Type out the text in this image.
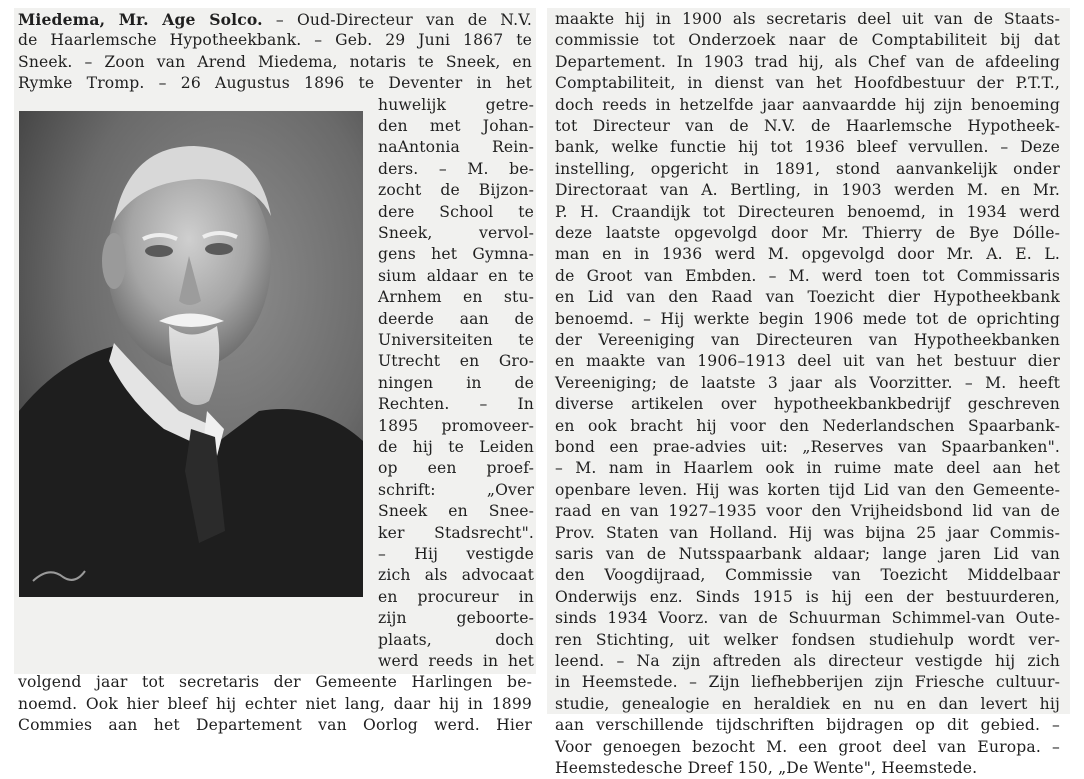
Miedema, Mr. Age Solco. – Oud-Directeur van de N.V.
de Haarlemsche Hypotheekbank. – Geb. 29 Juni 1867 te
Sneek. – Zoon van Arend Miedema, notaris te Sneek, en
Rymke Tromp. – 26 Augustus 1896 te Deventer in het
huwelijk getre-
den met Johan-
naAntonia Rein-
ders. – M. be-
zocht de Bijzon-
dere School te
Sneek, vervol-
gens het Gymna-
sium aldaar en te
Arnhem en stu-
deerde aan de
Universiteiten te
Utrecht en Gro-
ningen in de
Rechten. – In
1895 promoveer-
de hij te Leiden
op een proef-
schrift: „Over
Sneek en Snee-
ker Stadsrecht".
– Hij vestigde
zich als advocaat
en procureur in
zijn geboorte-
plaats, doch
werd reeds in het
volgend jaar tot secretaris der Gemeente Harlingen be-
noemd. Ook hier bleef hij echter niet lang, daar hij in 1899
Commies aan het Departement van Oorlog werd. Hier
maakte hij in 1900 als secretaris deel uit van de Staats-
commissie tot Onderzoek naar de Comptabiliteit bij dat
Departement. In 1903 trad hij, als Chef van de afdeeling
Comptabiliteit, in dienst van het Hoofdbestuur der P.T.T.,
doch reeds in hetzelfde jaar aanvaardde hij zijn benoeming
tot Directeur van de N.V. de Haarlemsche Hypotheek-
bank, welke functie hij tot 1936 bleef vervullen. – Deze
instelling, opgericht in 1891, stond aanvankelijk onder
Directoraat van A. Bertling, in 1903 werden M. en Mr.
P. H. Craandijk tot Directeuren benoemd, in 1934 werd
deze laatste opgevolgd door Mr. Thierry de Bye Dólle-
man en in 1936 werd M. opgevolgd door Mr. A. E. L.
de Groot van Embden. – M. werd toen tot Commissaris
en Lid van den Raad van Toezicht dier Hypotheekbank
benoemd. – Hij werkte begin 1906 mede tot de oprichting
der Vereeniging van Directeuren van Hypotheekbanken
en maakte van 1906–1913 deel uit van het bestuur dier
Vereeniging; de laatste 3 jaar als Voorzitter. – M. heeft
diverse artikelen over hypotheekbankbedrijf geschreven
en ook bracht hij voor den Nederlandschen Spaarbank-
bond een prae-advies uit: „Reserves van Spaarbanken".
– M. nam in Haarlem ook in ruime mate deel aan het
openbare leven. Hij was korten tijd Lid van den Gemeente-
raad en van 1927–1935 voor den Vrijheidsbond lid van de
Prov. Staten van Holland. Hij was bijna 25 jaar Commis-
saris van de Nutsspaarbank aldaar; lange jaren Lid van
den Voogdijraad, Commissie van Toezicht Middelbaar
Onderwijs enz. Sinds 1915 is hij een der bestuurderen,
sinds 1934 Voorz. van de Schuurman Schimmel-van Oute-
ren Stichting, uit welker fondsen studiehulp wordt ver-
leend. – Na zijn aftreden als directeur vestigde hij zich
in Heemstede. – Zijn liefhebberijen zijn Friesche cultuur-
studie, genealogie en heraldiek en nu en dan levert hij
aan verschillende tijdschriften bijdragen op dit gebied. –
Voor genoegen bezocht M. een groot deel van Europa. –
Heemstedesche Dreef 150, „De Wente", Heemstede.
